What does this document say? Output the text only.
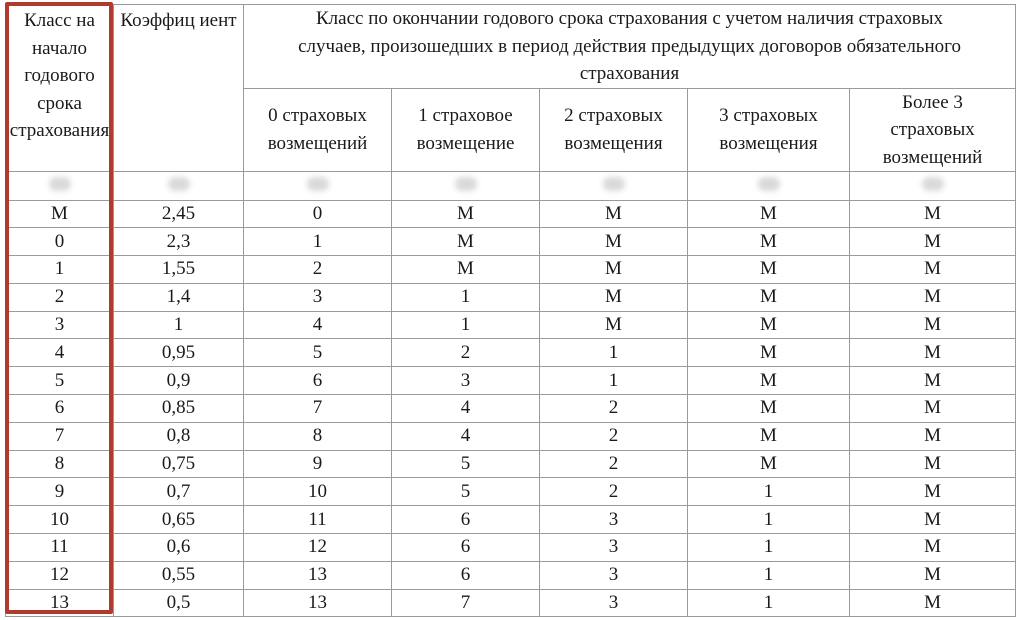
Класс на начало годового срока страхования	Коэффиц иент	Класс по окончании годового срока страхования с учетом наличия страховых случаев, произошедших в период действия предыдущих договоров обязательного страхования				
		0 страховых возмещений	1 страховое возмещение	2 страховых возмещения	3 страховых возмещения	Более 3 страховых возмещений

М	2,45	0	М	М	М	М
0	2,3	1	М	М	М	М
1	1,55	2	М	М	М	М
2	1,4	3	1	М	М	М
3	1	4	1	М	М	М
4	0,95	5	2	1	М	М
5	0,9	6	3	1	М	М
6	0,85	7	4	2	М	М
7	0,8	8	4	2	М	М
8	0,75	9	5	2	М	М
9	0,7	10	5	2	1	М
10	0,65	11	6	3	1	М
11	0,6	12	6	3	1	М
12	0,55	13	6	3	1	М
13	0,5	13	7	3	1	М
